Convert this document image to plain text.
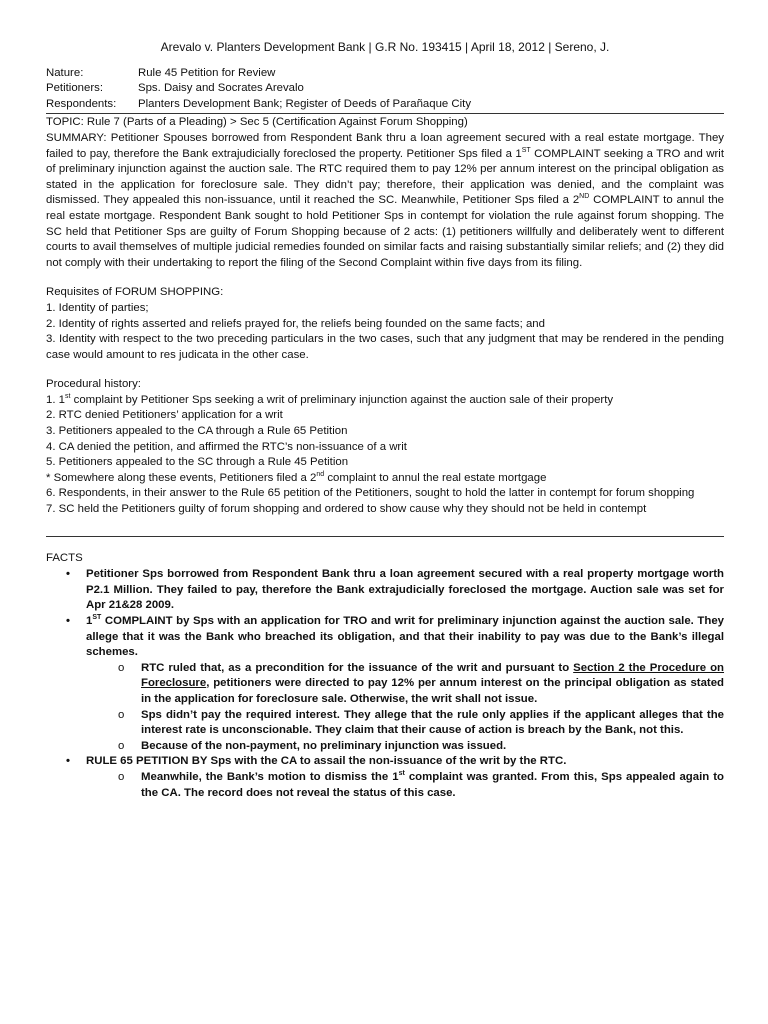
Arevalo v. Planters Development Bank | G.R No. 193415 | April 18, 2012 | Sereno, J.
Nature:	Rule 45 Petition for Review
Petitioners:	Sps. Daisy and Socrates Arevalo
Respondents:	Planters Development Bank; Register of Deeds of Parañaque City
TOPIC: Rule 7 (Parts of a Pleading) > Sec 5 (Certification Against Forum Shopping)
SUMMARY: Petitioner Spouses borrowed from Respondent Bank thru a loan agreement secured with a real estate mortgage. They failed to pay, therefore the Bank extrajudicially foreclosed the property. Petitioner Sps filed a 1ST COMPLAINT seeking a TRO and writ of preliminary injunction against the auction sale. The RTC required them to pay 12% per annum interest on the principal obligation as stated in the application for foreclosure sale. They didn’t pay; therefore, their application was denied, and the complaint was dismissed. They appealed this non-issuance, until it reached the SC. Meanwhile, Petitioner Sps filed a 2ND COMPLAINT to annul the real estate mortgage. Respondent Bank sought to hold Petitioner Sps in contempt for violation the rule against forum shopping. The SC held that Petitioner Sps are guilty of Forum Shopping because of 2 acts: (1) petitioners willfully and deliberately went to different courts to avail themselves of multiple judicial remedies founded on similar facts and raising substantially similar reliefs; and (2) they did not comply with their undertaking to report the filing of the Second Complaint within five days from its filing.
Requisites of FORUM SHOPPING:
1. Identity of parties;
2. Identity of rights asserted and reliefs prayed for, the reliefs being founded on the same facts; and
3. Identity with respect to the two preceding particulars in the two cases, such that any judgment that may be rendered in the pending case would amount to res judicata in the other case.
Procedural history:
1. 1st complaint by Petitioner Sps seeking a writ of preliminary injunction against the auction sale of their property
2. RTC denied Petitioners’ application for a writ
3. Petitioners appealed to the CA through a Rule 65 Petition
4. CA denied the petition, and affirmed the RTC’s non-issuance of a writ
5. Petitioners appealed to the SC through a Rule 45 Petition
* Somewhere along these events, Petitioners filed a 2nd complaint to annul the real estate mortgage
6. Respondents, in their answer to the Rule 65 petition of the Petitioners, sought to hold the latter in contempt for forum shopping
7. SC held the Petitioners guilty of forum shopping and ordered to show cause why they should not be held in contempt
FACTS
• Petitioner Sps borrowed from Respondent Bank thru a loan agreement secured with a real property mortgage worth P2.1 Million. They failed to pay, therefore the Bank extrajudicially foreclosed the mortgage. Auction sale was set for Apr 21&28 2009.
• 1ST COMPLAINT by Sps with an application for TRO and writ for preliminary injunction against the auction sale. They allege that it was the Bank who breached its obligation, and that their inability to pay was due to the Bank’s illegal schemes.
o RTC ruled that, as a precondition for the issuance of the writ and pursuant to Section 2 the Procedure on Foreclosure, petitioners were directed to pay 12% per annum interest on the principal obligation as stated in the application for foreclosure sale. Otherwise, the writ shall not issue.
o Sps didn’t pay the required interest. They allege that the rule only applies if the applicant alleges that the interest rate is unconscionable. They claim that their cause of action is breach by the Bank, not this.
o Because of the non-payment, no preliminary injunction was issued.
• RULE 65 PETITION BY Sps with the CA to assail the non-issuance of the writ by the RTC.
o Meanwhile, the Bank’s motion to dismiss the 1st complaint was granted. From this, Sps appealed again to the CA. The record does not reveal the status of this case.
